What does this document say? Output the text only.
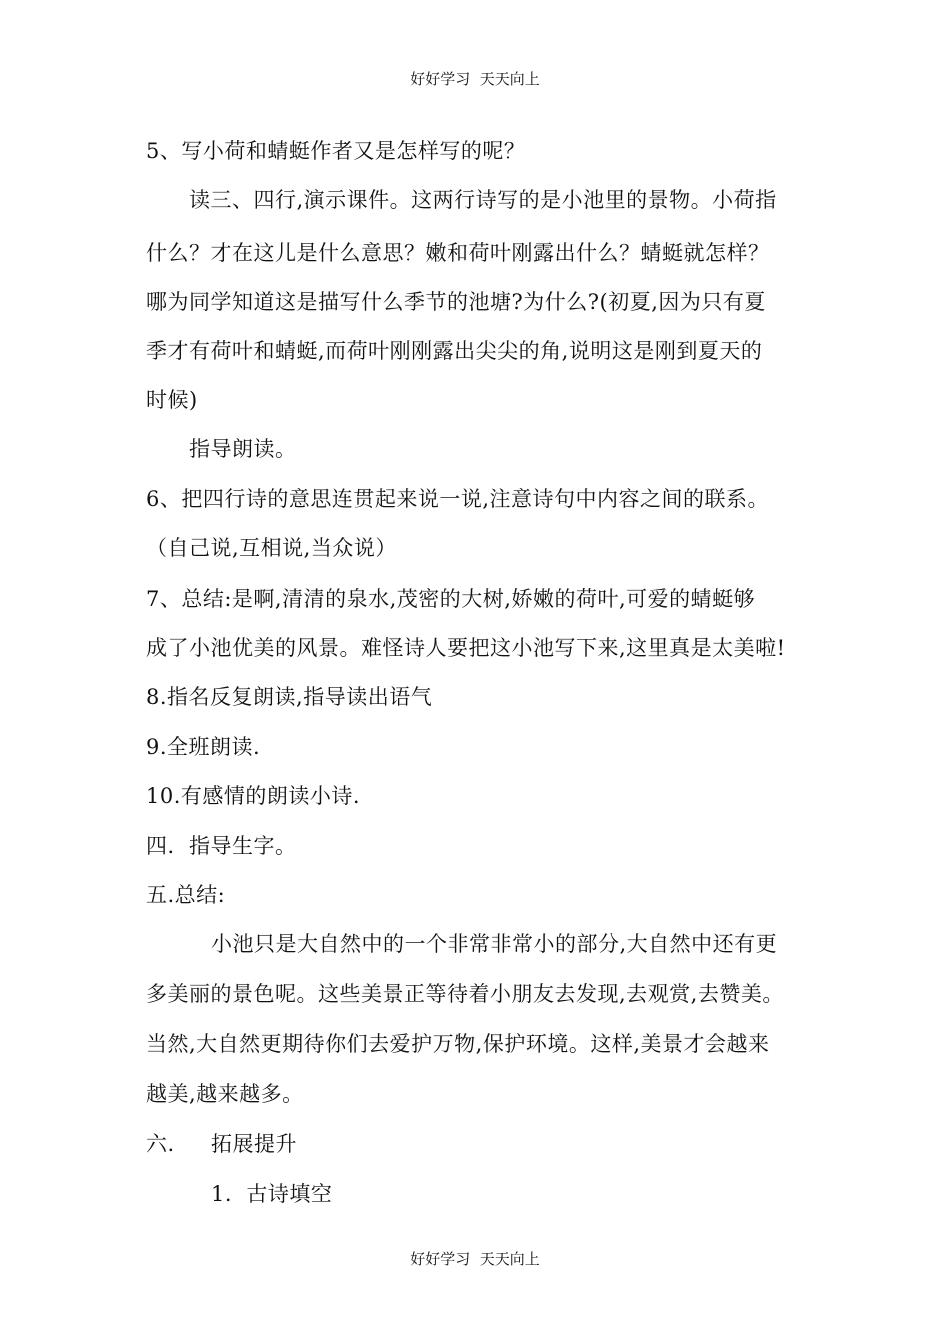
好好学习  天天向上
5、写小荷和蜻蜓作者又是怎样写的呢？
读三、四行,演示课件。这两行诗写的是小池里的景物。小荷指
什么？才在这儿是什么意思？嫩和荷叶刚露出什么？蜻蜓就怎样？
哪为同学知道这是描写什么季节的池塘?为什么?(初夏,因为只有夏
季才有荷叶和蜻蜓,而荷叶刚刚露出尖尖的角,说明这是刚到夏天的
时候)
指导朗读。
6、把四行诗的意思连贯起来说一说,注意诗句中内容之间的联系。
（自己说,互相说,当众说）
7、总结:是啊,清清的泉水,茂密的大树,娇嫩的荷叶,可爱的蜻蜓够
成了小池优美的风景。难怪诗人要把这小池写下来,这里真是太美啦!
8.指名反复朗读,指导读出语气
9.全班朗读.
10.有感情的朗读小诗.
四．指导生字。
五.总结:
小池只是大自然中的一个非常非常小的部分,大自然中还有更
多美丽的景色呢。这些美景正等待着小朋友去发现,去观赏,去赞美。
当然,大自然更期待你们去爱护万物,保护环境。这样,美景才会越来
越美,越来越多。
六. 拓展提升
1.  古诗填空
好好学习  天天向上
